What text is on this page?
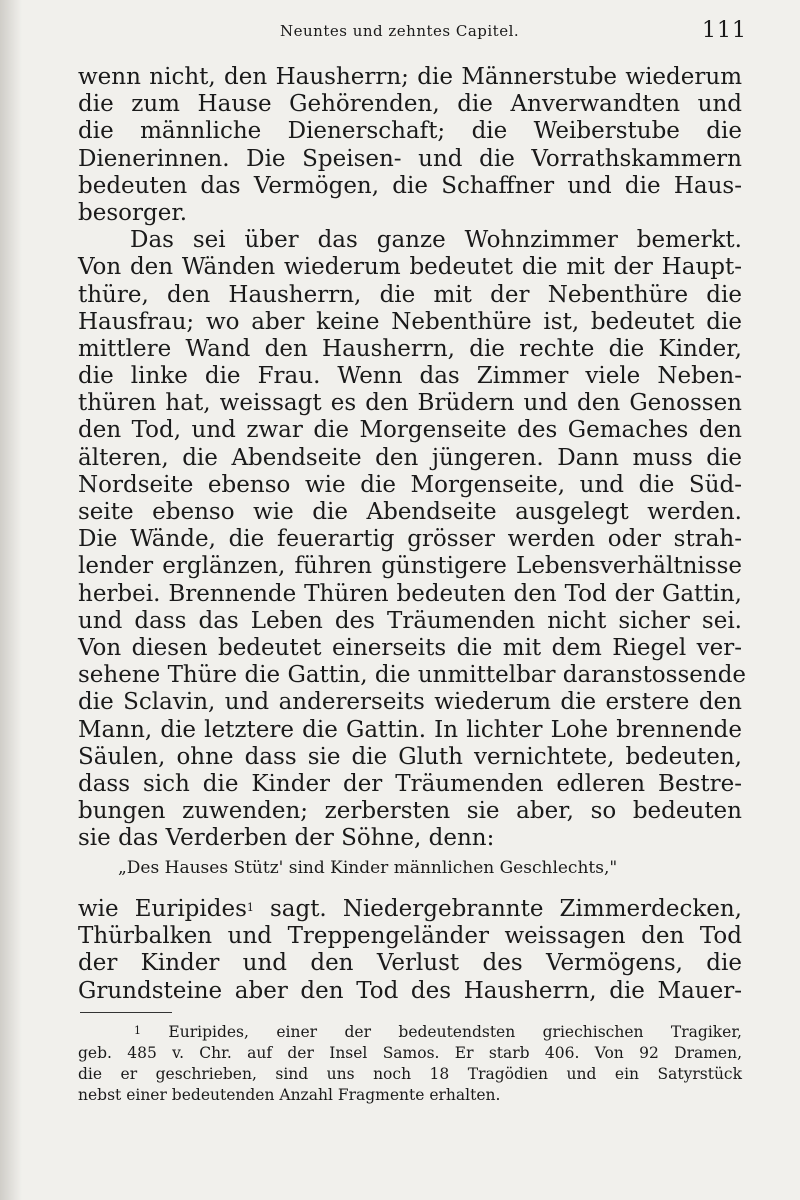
Neuntes und zehntes Capitel.	111
wenn nicht, den Hausherrn; die Männerstube wiederum
die zum Hause Gehörenden, die Anverwandten und
die männliche Dienerschaft; die Weiberstube die
Dienerinnen. Die Speisen- und die Vorrathskammern
bedeuten das Vermögen, die Schaffner und die Haus-
besorger.
Das sei über das ganze Wohnzimmer bemerkt.
Von den Wänden wiederum bedeutet die mit der Haupt-
thüre, den Hausherrn, die mit der Nebenthüre die
Hausfrau; wo aber keine Nebenthüre ist, bedeutet die
mittlere Wand den Hausherrn, die rechte die Kinder,
die linke die Frau. Wenn das Zimmer viele Neben-
thüren hat, weissagt es den Brüdern und den Genossen
den Tod, und zwar die Morgenseite des Gemaches den
älteren, die Abendseite den jüngeren. Dann muss die
Nordseite ebenso wie die Morgenseite, und die Süd-
seite ebenso wie die Abendseite ausgelegt werden.
Die Wände, die feuerartig grösser werden oder strah-
lender erglänzen, führen günstigere Lebensverhältnisse
herbei. Brennende Thüren bedeuten den Tod der Gattin,
und dass das Leben des Träumenden nicht sicher sei.
Von diesen bedeutet einerseits die mit dem Riegel ver-
sehene Thüre die Gattin, die unmittelbar daranstossende
die Sclavin, und andererseits wiederum die erstere den
Mann, die letztere die Gattin. In lichter Lohe brennende
Säulen, ohne dass sie die Gluth vernichtete, bedeuten,
dass sich die Kinder der Träumenden edleren Bestre-
bungen zuwenden; zerbersten sie aber, so bedeuten
sie das Verderben der Söhne, denn:
„Des Hauses Stütz' sind Kinder männlichen Geschlechts,"
wie Euripides$^1$ sagt. Niedergebrannte Zimmerdecken,
Thürbalken und Treppengeländer weissagen den Tod
der Kinder und den Verlust des Vermögens, die
Grundsteine aber den Tod des Hausherrn, die Mauer-
$^1$ Euripides, einer der bedeutendsten griechischen Tragiker,
geb. 485 v. Chr. auf der Insel Samos. Er starb 406. Von 92 Dramen,
die er geschrieben, sind uns noch 18 Tragödien und ein Satyrstück
nebst einer bedeutenden Anzahl Fragmente erhalten.
